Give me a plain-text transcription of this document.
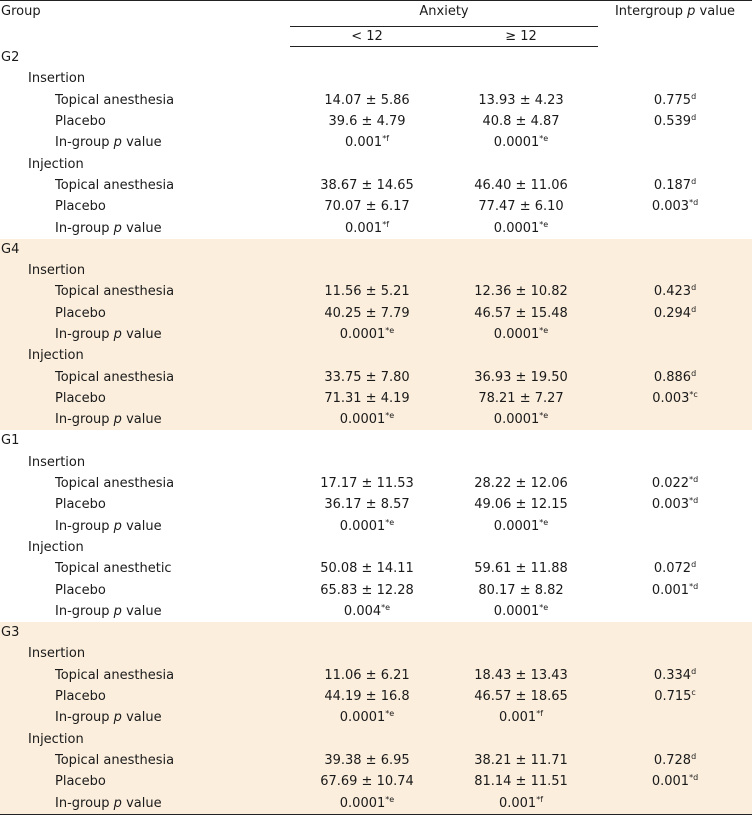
Group	Anxiety		Intergroup p value
	< 12	≥ 12	
G2			
Insertion			
Topical anesthesia	14.07 ± 5.86	13.93 ± 4.23	0.775$^d$
Placebo	39.6 ± 4.79	40.8 ± 4.87	0.539$^d$
In-group p value	0.001$^{*f}$	0.0001$^{*e}$	
Injection			
Topical anesthesia	38.67 ± 14.65	46.40 ± 11.06	0.187$^d$
Placebo	70.07 ± 6.17	77.47 ± 6.10	0.003$^{*d}$
In-group p value	0.001$^{*f}$	0.0001$^{*e}$	
G4			
Insertion			
Topical anesthesia	11.56 ± 5.21	12.36 ± 10.82	0.423$^d$
Placebo	40.25 ± 7.79	46.57 ± 15.48	0.294$^d$
In-group p value	0.0001$^{*e}$	0.0001$^{*e}$	
Injection			
Topical anesthesia	33.75 ± 7.80	36.93 ± 19.50	0.886$^d$
Placebo	71.31 ± 4.19	78.21 ± 7.27	0.003$^{*c}$
In-group p value	0.0001$^{*e}$	0.0001$^{*e}$	
G1			
Insertion			
Topical anesthesia	17.17 ± 11.53	28.22 ± 12.06	0.022$^{*d}$
Placebo	36.17 ± 8.57	49.06 ± 12.15	0.003$^{*d}$
In-group p value	0.0001$^{*e}$	0.0001$^{*e}$	
Injection			
Topical anesthetic	50.08 ± 14.11	59.61 ± 11.88	0.072$^d$
Placebo	65.83 ± 12.28	80.17 ± 8.82	0.001$^{*d}$
In-group p value	0.004$^{*e}$	0.0001$^{*e}$	
G3			
Insertion			
Topical anesthesia	11.06 ± 6.21	18.43 ± 13.43	0.334$^d$
Placebo	44.19 ± 16.8	46.57 ± 18.65	0.715$^c$
In-group p value	0.0001$^{*e}$	0.001$^{*f}$	
Injection			
Topical anesthesia	39.38 ± 6.95	38.21 ± 11.71	0.728$^d$
Placebo	67.69 ± 10.74	81.14 ± 11.51	0.001$^{*d}$
In-group p value	0.0001$^{*e}$	0.001$^{*f}$	
